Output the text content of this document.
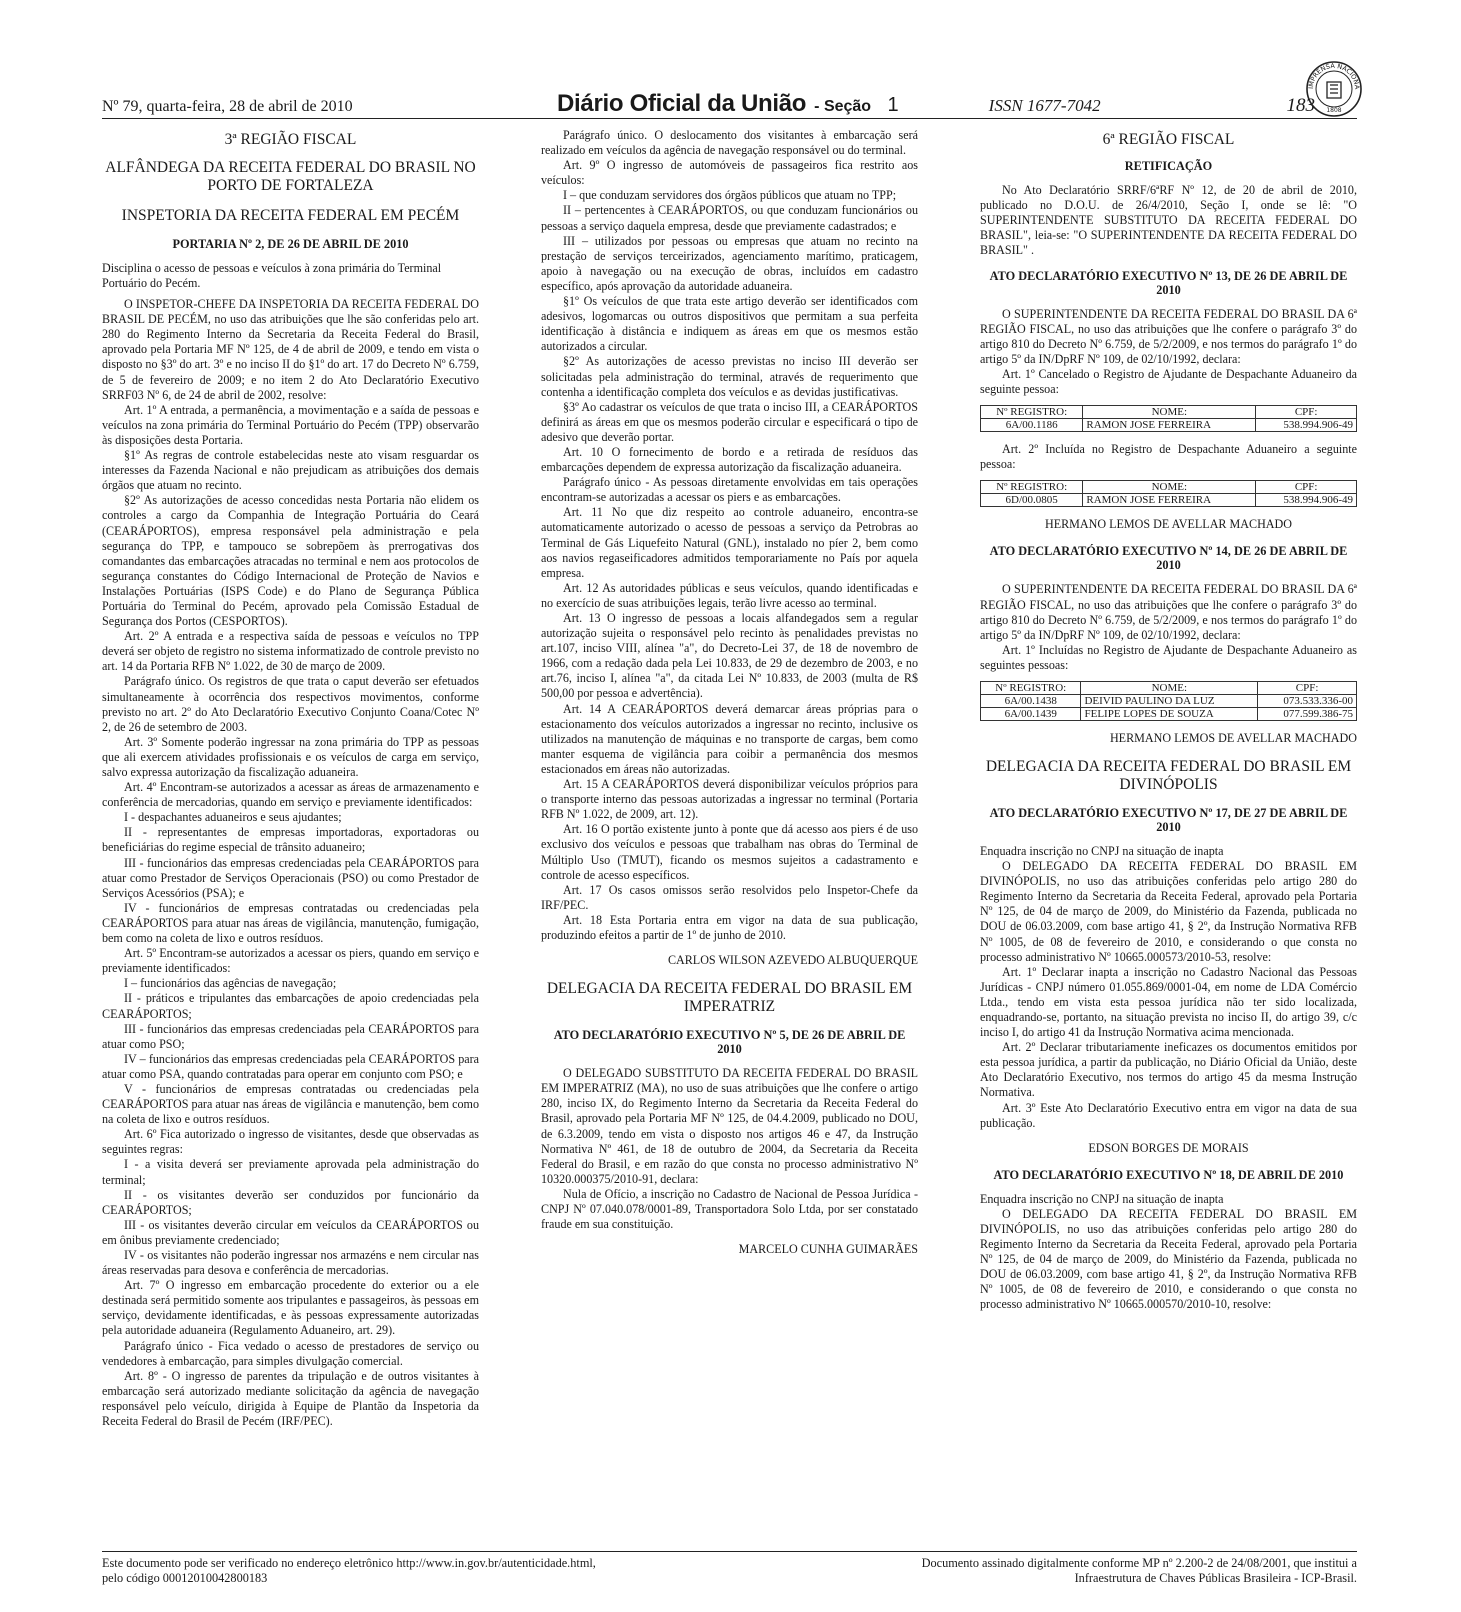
Nº 79, quarta-feira, 28 de abril de 2010	Diário Oficial da União - Seção 1	ISSN 1677-7042	183
IMPRENSA NACIONA
1808
3ª REGIÃO FISCAL
ALFÂNDEGA DA RECEITA FEDERAL DO BRASIL NO PORTO DE FORTALEZA
INSPETORIA DA RECEITA FEDERAL EM PECÉM
PORTARIA Nº 2, DE 26 DE ABRIL DE 2010

Disciplina o acesso de pessoas e veículos à zona primária do Terminal Portuário do Pecém.

O INSPETOR-CHEFE DA INSPETORIA DA RECEITA FEDERAL DO BRASIL DE PECÉM, no uso das atribuições que lhe são conferidas pelo art. 280 do Regimento Interno da Secretaria da Receita Federal do Brasil, aprovado pela Portaria MF Nº 125, de 4 de abril de 2009, e tendo em vista o disposto no §3º do art. 3º e no inciso II do §1º do art. 17 do Decreto Nº 6.759, de 5 de fevereiro de 2009; e no item 2 do Ato Declaratório Executivo SRRF03 Nº 6, de 24 de abril de 2002, resolve:

Art. 1º A entrada, a permanência, a movimentação e a saída de pessoas e veículos na zona primária do Terminal Portuário do Pecém (TPP) observarão às disposições desta Portaria.

§1º As regras de controle estabelecidas neste ato visam resguardar os interesses da Fazenda Nacional e não prejudicam as atribuições dos demais órgãos que atuam no recinto.

§2º As autorizações de acesso concedidas nesta Portaria não elidem os controles a cargo da Companhia de Integração Portuária do Ceará (CEARÁPORTOS), empresa responsável pela administração e pela segurança do TPP, e tampouco se sobrepõem às prerrogativas dos comandantes das embarcações atracadas no terminal e nem aos protocolos de segurança constantes do Código Internacional de Proteção de Navios e Instalações Portuárias (ISPS Code) e do Plano de Segurança Pública Portuária do Terminal do Pecém, aprovado pela Comissão Estadual de Segurança dos Portos (CESPORTOS).

Art. 2º A entrada e a respectiva saída de pessoas e veículos no TPP deverá ser objeto de registro no sistema informatizado de controle previsto no art. 14 da Portaria RFB Nº 1.022, de 30 de março de 2009.

Parágrafo único. Os registros de que trata o caput deverão ser efetuados simultaneamente à ocorrência dos respectivos movimentos, conforme previsto no art. 2º do Ato Declaratório Executivo Conjunto Coana/Cotec Nº 2, de 26 de setembro de 2003.

Art. 3º Somente poderão ingressar na zona primária do TPP as pessoas que ali exercem atividades profissionais e os veículos de carga em serviço, salvo expressa autorização da fiscalização aduaneira.

Art. 4º Encontram-se autorizados a acessar as áreas de armazenamento e conferência de mercadorias, quando em serviço e previamente identificados:

I - despachantes aduaneiros e seus ajudantes;

II - representantes de empresas importadoras, exportadoras ou beneficiárias do regime especial de trânsito aduaneiro;

III - funcionários das empresas credenciadas pela CEARÁPORTOS para atuar como Prestador de Serviços Operacionais (PSO) ou como Prestador de Serviços Acessórios (PSA); e

IV - funcionários de empresas contratadas ou credenciadas pela CEARÁPORTOS para atuar nas áreas de vigilância, manutenção, fumigação, bem como na coleta de lixo e outros resíduos.

Art. 5º Encontram-se autorizados a acessar os piers, quando em serviço e previamente identificados:

I – funcionários das agências de navegação;

II - práticos e tripulantes das embarcações de apoio credenciadas pela CEARÁPORTOS;

III - funcionários das empresas credenciadas pela CEARÁPORTOS para atuar como PSO;

IV – funcionários das empresas credenciadas pela CEARÁPORTOS para atuar como PSA, quando contratadas para operar em conjunto com PSO; e

V - funcionários de empresas contratadas ou credenciadas pela CEARÁPORTOS para atuar nas áreas de vigilância e manutenção, bem como na coleta de lixo e outros resíduos.

Art. 6º Fica autorizado o ingresso de visitantes, desde que observadas as seguintes regras:

I - a visita deverá ser previamente aprovada pela administração do terminal;

II - os visitantes deverão ser conduzidos por funcionário da CEARÁPORTOS;

III - os visitantes deverão circular em veículos da CEARÁPORTOS ou em ônibus previamente credenciado;

IV - os visitantes não poderão ingressar nos armazéns e nem circular nas áreas reservadas para desova e conferência de mercadorias.

Art. 7º O ingresso em embarcação procedente do exterior ou a ele destinada será permitido somente aos tripulantes e passageiros, às pessoas em serviço, devidamente identificadas, e às pessoas expressamente autorizadas pela autoridade aduaneira (Regulamento Aduaneiro, art. 29).

Parágrafo único - Fica vedado o acesso de prestadores de serviço ou vendedores à embarcação, para simples divulgação comercial.

Art. 8º - O ingresso de parentes da tripulação e de outros visitantes à embarcação será autorizado mediante solicitação da agência de navegação responsável pelo veículo, dirigida à Equipe de Plantão da Inspetoria da Receita Federal do Brasil de Pecém (IRF/PEC).

Parágrafo único. O deslocamento dos visitantes à embarcação será realizado em veículos da agência de navegação responsável ou do terminal.

Art. 9º O ingresso de automóveis de passageiros fica restrito aos veículos:

I – que conduzam servidores dos órgãos públicos que atuam no TPP;

II – pertencentes à CEARÁPORTOS, ou que conduzam funcionários ou pessoas a serviço daquela empresa, desde que previamente cadastrados; e

III – utilizados por pessoas ou empresas que atuam no recinto na prestação de serviços terceirizados, agenciamento marítimo, praticagem, apoio à navegação ou na execução de obras, incluídos em cadastro específico, após aprovação da autoridade aduaneira.

§1º Os veículos de que trata este artigo deverão ser identificados com adesivos, logomarcas ou outros dispositivos que permitam a sua perfeita identificação à distância e indiquem as áreas em que os mesmos estão autorizados a circular.

§2º As autorizações de acesso previstas no inciso III deverão ser solicitadas pela administração do terminal, através de requerimento que contenha a identificação completa dos veículos e as devidas justificativas.

§3º Ao cadastrar os veículos de que trata o inciso III, a CEARÁPORTOS definirá as áreas em que os mesmos poderão circular e especificará o tipo de adesivo que deverão portar.

Art. 10 O fornecimento de bordo e a retirada de resíduos das embarcações dependem de expressa autorização da fiscalização aduaneira.

Parágrafo único - As pessoas diretamente envolvidas em tais operações encontram-se autorizadas a acessar os piers e as embarcações.

Art. 11 No que diz respeito ao controle aduaneiro, encontra-se automaticamente autorizado o acesso de pessoas a serviço da Petrobras ao Terminal de Gás Liquefeito Natural (GNL), instalado no píer 2, bem como aos navios regaseificadores admitidos temporariamente no País por aquela empresa.

Art. 12 As autoridades públicas e seus veículos, quando identificadas e no exercício de suas atribuições legais, terão livre acesso ao terminal.

Art. 13 O ingresso de pessoas a locais alfandegados sem a regular autorização sujeita o responsável pelo recinto às penalidades previstas no art.107, inciso VIII, alínea "a", do Decreto-Lei 37, de 18 de novembro de 1966, com a redação dada pela Lei 10.833, de 29 de dezembro de 2003, e no art.76, inciso I, alínea "a", da citada Lei Nº 10.833, de 2003 (multa de R$ 500,00 por pessoa e advertência).

Art. 14 A CEARÁPORTOS deverá demarcar áreas próprias para o estacionamento dos veículos autorizados a ingressar no recinto, inclusive os utilizados na manutenção de máquinas e no transporte de cargas, bem como manter esquema de vigilância para coibir a permanência dos mesmos estacionados em áreas não autorizadas.

Art. 15 A CEARÁPORTOS deverá disponibilizar veículos próprios para o transporte interno das pessoas autorizadas a ingressar no terminal (Portaria RFB Nº 1.022, de 2009, art. 12).

Art. 16 O portão existente junto à ponte que dá acesso aos piers é de uso exclusivo dos veículos e pessoas que trabalham nas obras do Terminal de Múltiplo Uso (TMUT), ficando os mesmos sujeitos a cadastramento e controle de acesso específicos.

Art. 17 Os casos omissos serão resolvidos pelo Inspetor-Chefe da IRF/PEC.

Art. 18 Esta Portaria entra em vigor na data de sua publicação, produzindo efeitos a partir de 1º de junho de 2010.

CARLOS WILSON AZEVEDO ALBUQUERQUE
DELEGACIA DA RECEITA FEDERAL DO BRASIL EM IMPERATRIZ
ATO DECLARATÓRIO EXECUTIVO Nº 5, DE 26 DE ABRIL DE 2010

O DELEGADO SUBSTITUTO DA RECEITA FEDERAL DO BRASIL EM IMPERATRIZ (MA), no uso de suas atribuições que lhe confere o artigo 280, inciso IX, do Regimento Interno da Secretaria da Receita Federal do Brasil, aprovado pela Portaria MF Nº 125, de 04.4.2009, publicado no DOU, de 6.3.2009, tendo em vista o disposto nos artigos 46 e 47, da Instrução Normativa Nº 461, de 18 de outubro de 2004, da Secretaria da Receita Federal do Brasil, e em razão do que consta no processo administrativo Nº 10320.000375/2010-91, declara:

Nula de Ofício, a inscrição no Cadastro de Nacional de Pessoa Jurídica - CNPJ Nº 07.040.078/0001-89, Transportadora Solo Ltda, por ser constatado fraude em sua constituição.

MARCELO CUNHA GUIMARÃES
6ª REGIÃO FISCAL
RETIFICAÇÃO

No Ato Declaratório SRRF/6ªRF Nº 12, de 20 de abril de 2010, publicado no D.O.U. de 26/4/2010, Seção I, onde se lê: "O SUPERINTENDENTE SUBSTITUTO DA RECEITA FEDERAL DO BRASIL", leia-se: "O SUPERINTENDENTE DA RECEITA FEDERAL DO BRASIL" .

ATO DECLARATÓRIO EXECUTIVO Nº 13, DE 26 DE ABRIL DE 2010

O SUPERINTENDENTE DA RECEITA FEDERAL DO BRASIL DA 6ª REGIÃO FISCAL, no uso das atribuições que lhe confere o parágrafo 3º do artigo 810 do Decreto Nº 6.759, de 5/2/2009, e nos termos do parágrafo 1º do artigo 5º da IN/DpRF Nº 109, de 02/10/1992, declara:

Art. 1º Cancelado o Registro de Ajudante de Despachante Aduaneiro da seguinte pessoa:

Nº REGISTRO:	NOME:	CPF:
6A/00.1186	RAMON JOSE FERREIRA	538.994.906-49

Art. 2º Incluída no Registro de Despachante Aduaneiro a seguinte pessoa:

Nº REGISTRO:	NOME:	CPF:
6D/00.0805	RAMON JOSE FERREIRA	538.994.906-49
HERMANO LEMOS DE AVELLAR MACHADO
ATO DECLARATÓRIO EXECUTIVO Nº 14, DE 26 DE ABRIL DE 2010

O SUPERINTENDENTE DA RECEITA FEDERAL DO BRASIL DA 6ª REGIÃO FISCAL, no uso das atribuições que lhe confere o parágrafo 3º do artigo 810 do Decreto Nº 6.759, de 5/2/2009, e nos termos do parágrafo 1º do artigo 5º da IN/DpRF Nº 109, de 02/10/1992, declara:

Art. 1º Incluídas no Registro de Ajudante de Despachante Aduaneiro as seguintes pessoas:

Nº REGISTRO:	NOME:	CPF:
6A/00.1438	DEIVID PAULINO DA LUZ	073.533.336-00
6A/00.1439	FELIPE LOPES DE SOUZA	077.599.386-75
HERMANO LEMOS DE AVELLAR MACHADO
DELEGACIA DA RECEITA FEDERAL DO BRASIL EM DIVINÓPOLIS
ATO DECLARATÓRIO EXECUTIVO Nº 17, DE 27 DE ABRIL DE 2010

Enquadra inscrição no CNPJ na situação de inapta

O DELEGADO DA RECEITA FEDERAL DO BRASIL EM DIVINÓPOLIS, no uso das atribuições conferidas pelo artigo 280 do Regimento Interno da Secretaria da Receita Federal, aprovado pela Portaria Nº 125, de 04 de março de 2009, do Ministério da Fazenda, publicada no DOU de 06.03.2009, com base artigo 41, § 2º, da Instrução Normativa RFB Nº 1005, de 08 de fevereiro de 2010, e considerando o que consta no processo administrativo Nº 10665.000573/2010-53, resolve:

Art. 1º Declarar inapta a inscrição no Cadastro Nacional das Pessoas Jurídicas - CNPJ número 01.055.869/0001-04, em nome de LDA Comércio Ltda., tendo em vista esta pessoa jurídica não ter sido localizada, enquadrando-se, portanto, na situação prevista no inciso II, do artigo 39, c/c inciso I, do artigo 41 da Instrução Normativa acima mencionada.

Art. 2º Declarar tributariamente ineficazes os documentos emitidos por esta pessoa jurídica, a partir da publicação, no Diário Oficial da União, deste Ato Declaratório Executivo, nos termos do artigo 45 da mesma Instrução Normativa.

Art. 3º Este Ato Declaratório Executivo entra em vigor na data de sua publicação.

EDSON BORGES DE MORAIS
ATO DECLARATÓRIO EXECUTIVO Nº 18, DE ABRIL DE 2010

Enquadra inscrição no CNPJ na situação de inapta

O DELEGADO DA RECEITA FEDERAL DO BRASIL EM DIVINÓPOLIS, no uso das atribuições conferidas pelo artigo 280 do Regimento Interno da Secretaria da Receita Federal, aprovado pela Portaria Nº 125, de 04 de março de 2009, do Ministério da Fazenda, publicada no DOU de 06.03.2009, com base artigo 41, § 2º, da Instrução Normativa RFB Nº 1005, de 08 de fevereiro de 2010, e considerando o que consta no processo administrativo Nº 10665.000570/2010-10, resolve:

Este documento pode ser verificado no endereço eletrônico http://www.in.gov.br/autenticidade.html,
pelo código 00012010042800183
Documento assinado digitalmente conforme MP nº 2.200-2 de 24/08/2001, que institui a
Infraestrutura de Chaves Públicas Brasileira - ICP-Brasil.
